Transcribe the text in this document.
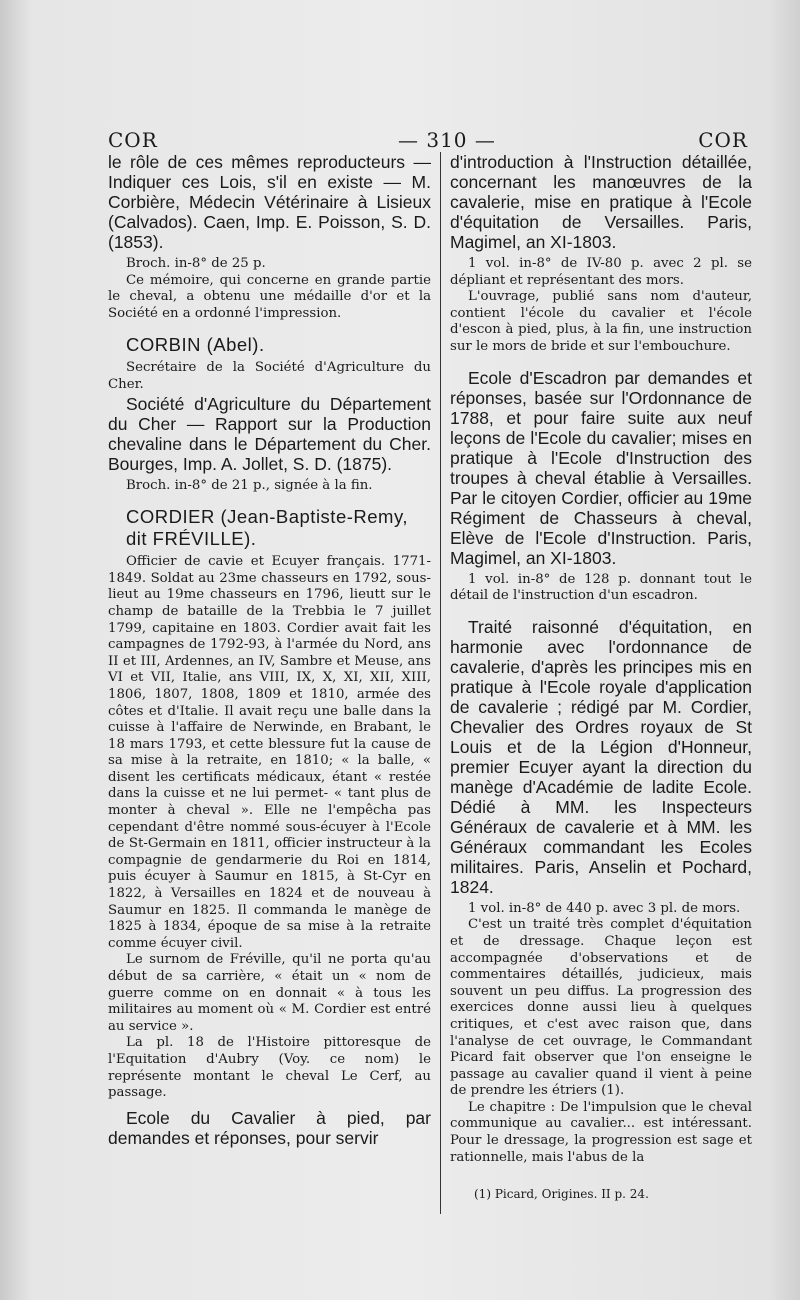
COR	— 310 —	COR

le rôle de ces mêmes reproducteurs — Indiquer ces Lois, s'il en existe — M. Corbière, Médecin Vétérinaire à Lisieux (Calvados). Caen, Imp. E. Poisson, S. D. (1853).

Broch. in-8° de 25 p.

Ce mémoire, qui concerne en grande partie le cheval, a obtenu une médaille d'or et la Société en a ordonné l'impression.

CORBIN (Abel).

Secrétaire de la Société d'Agriculture du Cher.

Société d'Agriculture du Département du Cher — Rapport sur la Production chevaline dans le Département du Cher. Bourges, Imp. A. Jollet, S. D. (1875).

Broch. in-8° de 21 p., signée à la fin.

CORDIER (Jean-Baptiste-Remy, dit FRÉVILLE).

Officier de cavie et Ecuyer français. 1771-1849. Soldat au 23me chasseurs en 1792, sous-lieut au 19me chasseurs en 1796, lieutt sur le champ de bataille de la Trebbia le 7 juillet 1799, capitaine en 1803. Cordier avait fait les campagnes de 1792-93, à l'armée du Nord, ans II et III, Ardennes, an IV, Sambre et Meuse, ans VI et VII, Italie, ans VIII, IX, X, XI, XII, XIII, 1806, 1807, 1808, 1809 et 1810, armée des côtes et d'Italie. Il avait reçu une balle dans la cuisse à l'affaire de Nerwinde, en Brabant, le 18 mars 1793, et cette blessure fut la cause de sa mise à la retraite, en 1810; « la balle, « disent les certificats médicaux, étant « restée dans la cuisse et ne lui permet- « tant plus de monter à cheval ». Elle ne l'empêcha pas cependant d'être nommé sous-écuyer à l'Ecole de St-Germain en 1811, officier instructeur à la compagnie de gendarmerie du Roi en 1814, puis écuyer à Saumur en 1815, à St-Cyr en 1822, à Versailles en 1824 et de nouveau à Saumur en 1825. Il commanda le manège de 1825 à 1834, époque de sa mise à la retraite comme écuyer civil.

Le surnom de Fréville, qu'il ne porta qu'au début de sa carrière, « était un « nom de guerre comme on en donnait « à tous les militaires au moment où « M. Cordier est entré au service ».

La pl. 18 de l'Histoire pittoresque de l'Equitation d'Aubry (Voy. ce nom) le représente montant le cheval Le Cerf, au passage.

Ecole du Cavalier à pied, par demandes et réponses, pour servir

d'introduction à l'Instruction détaillée, concernant les manœuvres de la cavalerie, mise en pratique à l'Ecole d'équitation de Versailles. Paris, Magimel, an XI-1803.

1 vol. in-8° de IV-80 p. avec 2 pl. se dépliant et représentant des mors.

L'ouvrage, publié sans nom d'auteur, contient l'école du cavalier et l'école d'escon à pied, plus, à la fin, une instruction sur le mors de bride et sur l'embouchure.

Ecole d'Escadron par demandes et réponses, basée sur l'Ordonnance de 1788, et pour faire suite aux neuf leçons de l'Ecole du cavalier; mises en pratique à l'Ecole d'Instruction des troupes à cheval établie à Versailles. Par le citoyen Cordier, officier au 19me Régiment de Chasseurs à cheval, Elève de l'Ecole d'Instruction. Paris, Magimel, an XI-1803.

1 vol. in-8° de 128 p. donnant tout le détail de l'instruction d'un escadron.

Traité raisonné d'équitation, en harmonie avec l'ordonnance de cavalerie, d'après les principes mis en pratique à l'Ecole royale d'application de cavalerie ; rédigé par M. Cordier, Chevalier des Ordres royaux de St Louis et de la Légion d'Honneur, premier Ecuyer ayant la direction du manège d'Académie de ladite Ecole. Dédié à MM. les Inspecteurs Généraux de cavalerie et à MM. les Généraux commandant les Ecoles militaires. Paris, Anselin et Pochard, 1824.

1 vol. in-8° de 440 p. avec 3 pl. de mors.

C'est un traité très complet d'équitation et de dressage. Chaque leçon est accompagnée d'observations et de commentaires détaillés, judicieux, mais souvent un peu diffus. La progression des exercices donne aussi lieu à quelques critiques, et c'est avec raison que, dans l'analyse de cet ouvrage, le Commandant Picard fait observer que l'on enseigne le passage au cavalier quand il vient à peine de prendre les étriers (1).

Le chapitre : De l'impulsion que le cheval communique au cavalier... est intéressant. Pour le dressage, la progression est sage et rationnelle, mais l'abus de la

(1) Picard, Origines. II p. 24.
